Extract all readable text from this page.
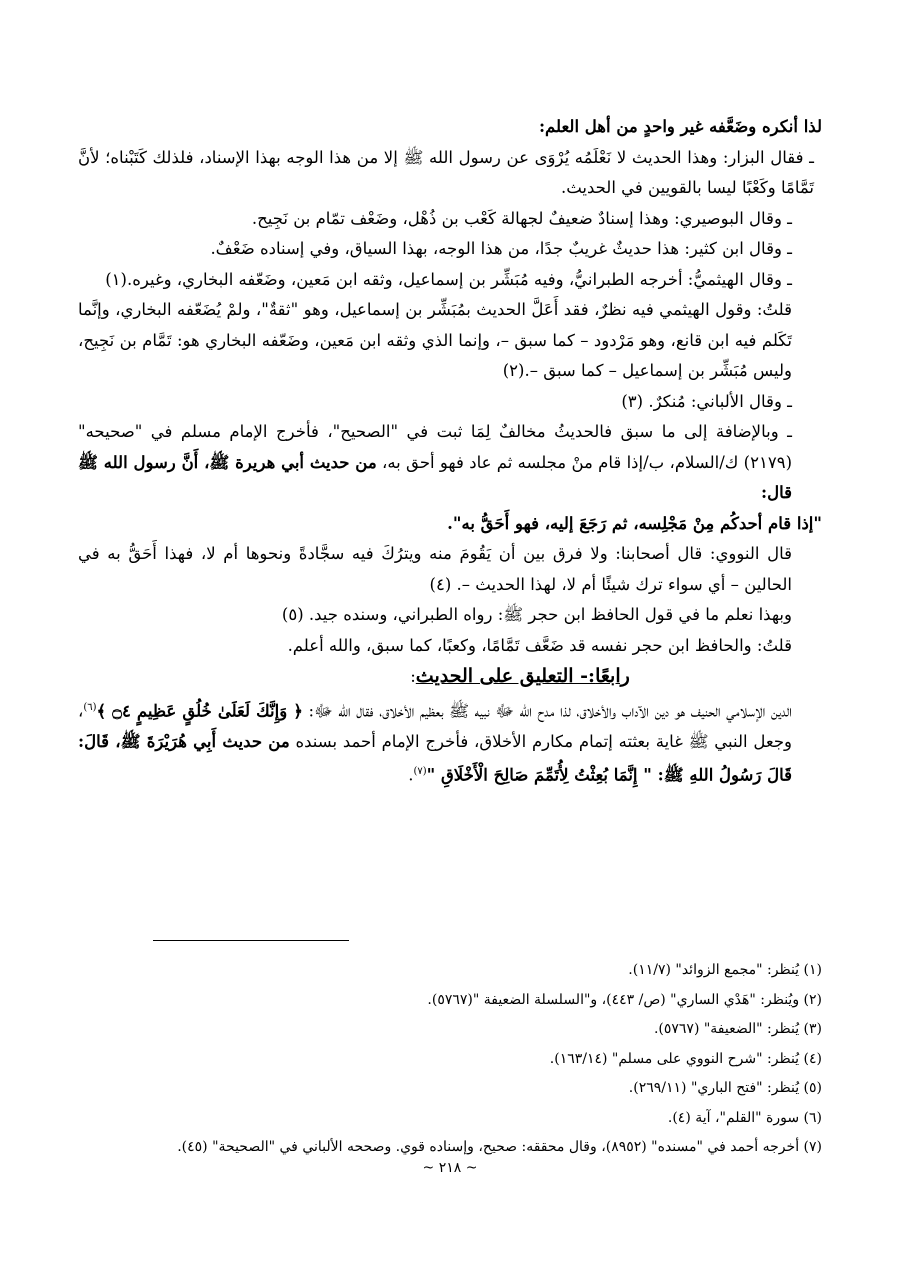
لذا أنكره وضَعَّفه غير واحدٍ من أهل العلم:

ـ فقال البزار: وهذا الحديث لا نَعْلَمُه يُرْوَى عن رسول الله ﷺ إلا من هذا الوجه بهذا الإسناد، فلذلك كَتَبْناه؛ لأنَّ تَمَّامًا وكَعْبًا ليسا بالقويين في الحديث.

ـ وقال البوصيري: وهذا إسنادٌ ضعيفٌ لجهالة كَعْب بن ذُهْل، وضَعْف تمّام بن نَجِيح.

ـ وقال ابن كثير: هذا حديثٌ غريبٌ جدًا، من هذا الوجه، بهذا السياق، وفي إسناده ضَعْفٌ.

ـ وقال الهيثميُّ: أخرجه الطبرانيُّ، وفيه مُبَشِّر بن إسماعيل، وثقه ابن مَعين، وضَعّفه البخاري، وغيره.(١)

قلتُ: وقول الهيثمي فيه نظرٌ، فقد أَعَلَّ الحديث بمُبَشِّر بن إسماعيل، وهو "ثقةٌ"، ولمْ يُضَعّفه البخاري، وإنَّما تَكَلم فيه ابن قانع، وهو مَرْدود – كما سبق –، وإنما الذي وثقه ابن مَعين، وضَعّفه البخاري هو: تَمَّام بن نَجِيح، وليس مُبَشِّر بن إسماعيل – كما سبق –.(٢)

ـ وقال الألباني: مُنكرٌ. (٣)

ـ وبالإضافة إلى ما سبق فالحديثُ مخالفٌ لِمَا ثبت في "الصحيح"، فأخرج الإمام مسلم في "صحيحه" (٢١٧٩) ك/السلام، ب/إذا قام منْ مجلسه ثم عاد فهو أحق به، من حديث أبي هريرة ﷺ، أَنَّ رسول الله ﷺ قال:

"إذا قام أحدكُم مِنْ مَجْلِسه، ثم رَجَعَ إليه، فهو أَحَقُّ به".

قال النووي: قال أصحابنا: ولا فرق بين أن يَقُومَ منه ويترُكَ فيه سجَّادةً ونحوها أم لا، فهذا أَحَقُّ به في الحالين – أي سواء ترك شيئًا أم لا، لهذا الحديث –. (٤)

وبهذا نعلم ما في قول الحافظ ابن حجر ﷺ: رواه الطبراني، وسنده جيد. (٥)

قلتُ: والحافظ ابن حجر نفسه قد ضَعَّف تَمَّامًا، وكعبًا، كما سبق، والله أعلم.

رابعًا:- التعليق على الحديث:

الدين الإسلامي الحنيف هو دين الآداب والأخلاق، لذا مدح الله ﷻ نبيه ﷺ بعظيم الأخلاق، فقال الله ﷻ: ﴿ وَإِنَّكَ لَعَلَىٰ خُلُقٍ عَظِيمٍ ۝٤ ﴾$^{(٦)}$، وجعل النبي ﷺ غاية بعثته إتمام مكارم الأخلاق، فأخرج الإمام أحمد بسنده من حديث أَبِي هُرَيْرَةَ ﷺ، قَالَ: قَالَ رَسُولُ اللهِ ﷺ: " إِنَّمَا بُعِثْتُ لِأُتَمِّمَ صَالِحَ الْأَخْلَاقِ "$^{(٧)}$.

(١) يُنظر: "مجمع الزوائد" (١١/٧).
(٢) ويُنظر: "هَدْي الساري" (ص/ ٤٤٣)، و"السلسلة الضعيفة "(٥٧٦٧).
(٣) يُنظر: "الضعيفة" (٥٧٦٧).
(٤) يُنظر: "شرح النووي على مسلم" (١٦٣/١٤).
(٥) يُنظر: "فتح الباري" (٢٦٩/١١).
(٦) سورة "القلم"، آية (٤).
(٧) أخرجه أحمد في "مسنده" (٨٩٥٢)، وقال محققه: صحيح، وإسناده قوي. وصححه الألباني في "الصحيحة" (٤٥).
~ ٢١٨ ~
